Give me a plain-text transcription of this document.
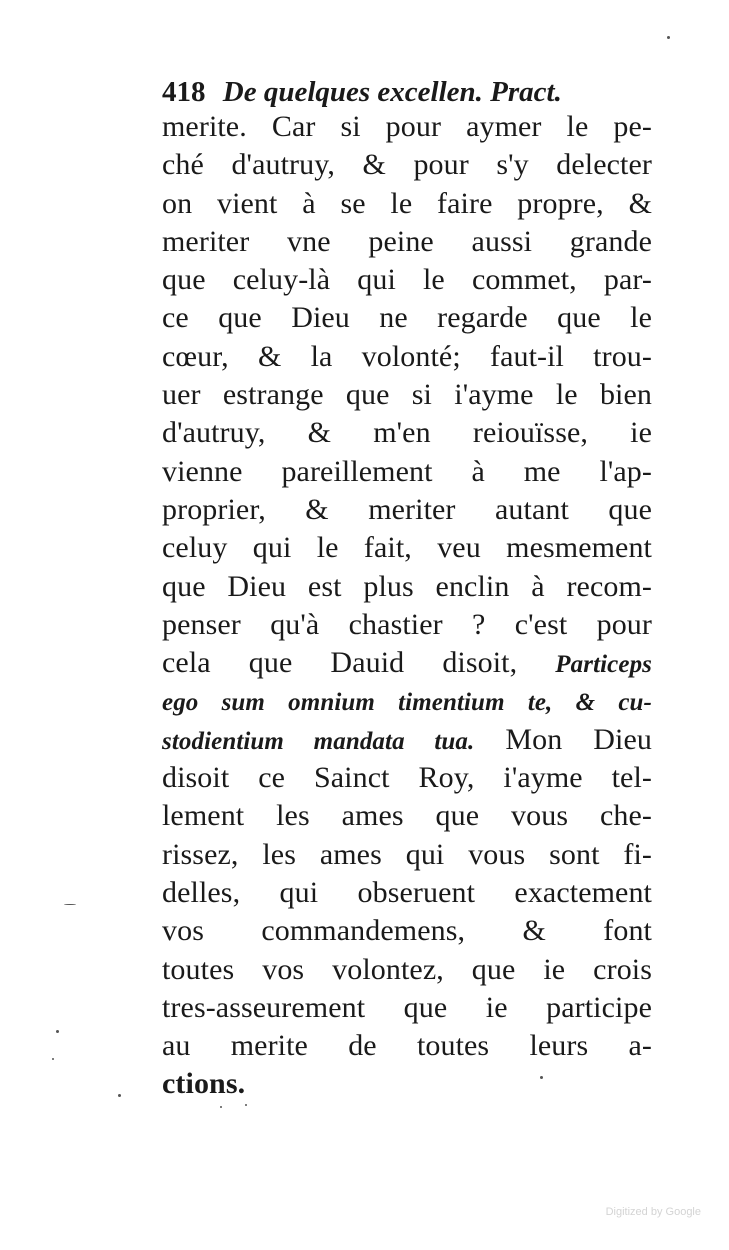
418 De quelques excellen. Pract.
merite. Car si pour aymer le pe-
ché d'autruy, & pour s'y delecter
on vient à se le faire propre, &
meriter vne peine aussi grande
que celuy-là qui le commet, par-
ce que Dieu ne regarde que le
cœur, & la volonté; faut-il trou-
uer estrange que si i'ayme le bien
d'autruy, & m'en reiouïsse, ie
vienne pareillement à me l'ap-
proprier, & meriter autant que
celuy qui le fait, veu mesmement
que Dieu est plus enclin à recom-
penser qu'à chastier ? c'est pour
cela que Dauid disoit, Particeps
ego sum omnium timentium te, & cu-
stodientium mandata tua. Mon Dieu
disoit ce Sainct Roy, i'ayme tel-
lement les ames que vous che-
rissez, les ames qui vous sont fi-
delles, qui obseruent exactement
vos commandemens, & font
toutes vos volontez, que ie crois
tres-asseurement que ie participe
au merite de toutes leurs a-
ctions.
Digitized by Google
